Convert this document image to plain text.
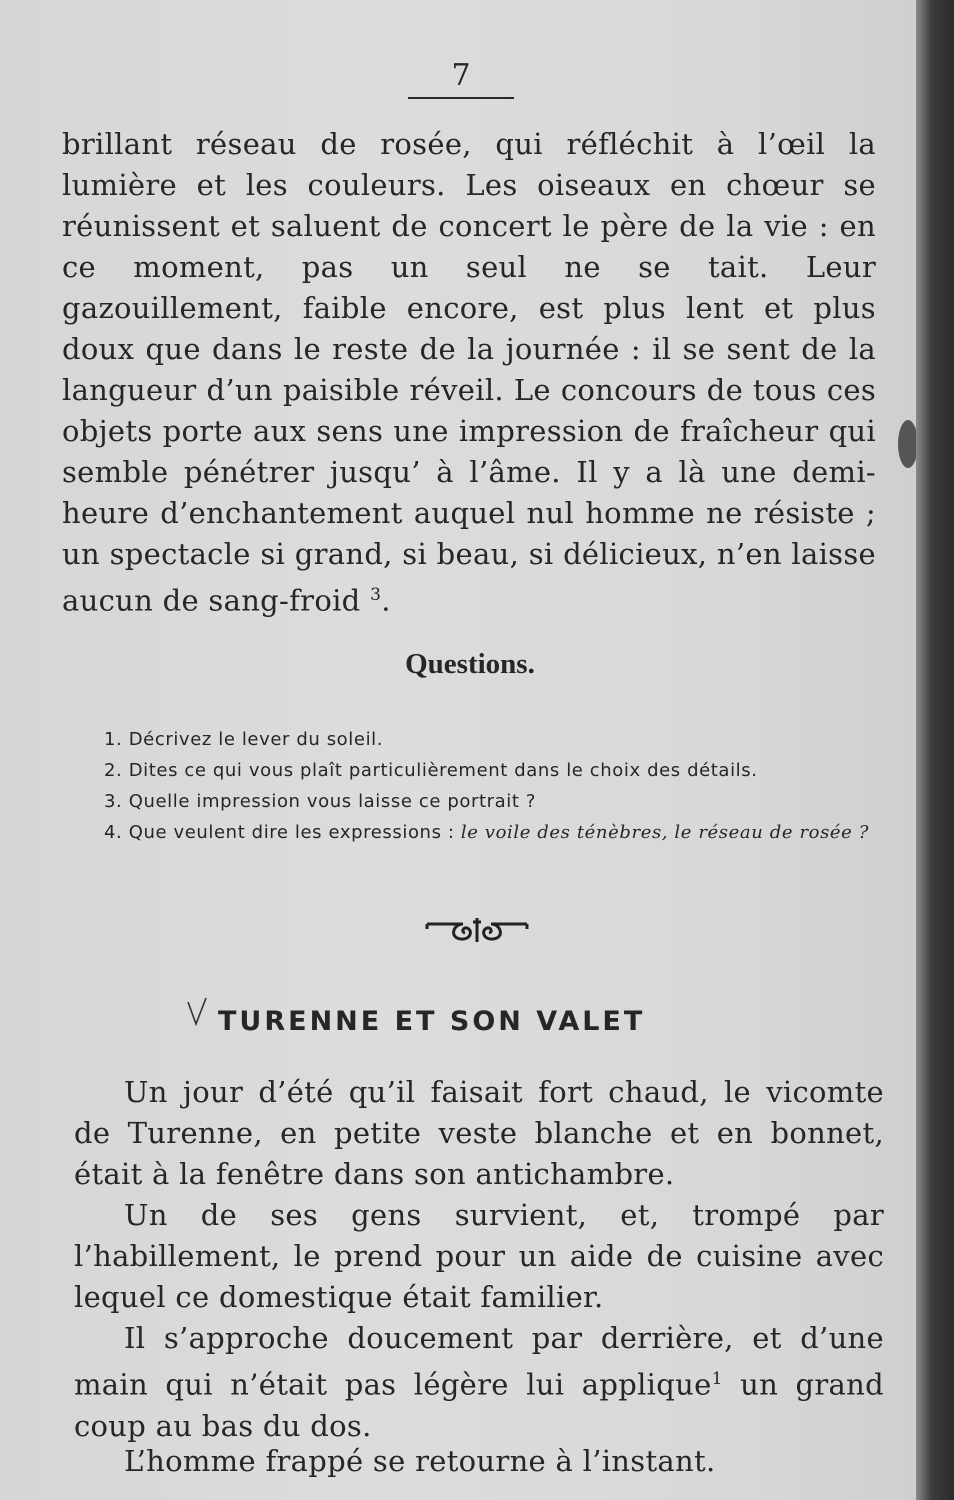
7

brillant réseau de rosée, qui réfléchit à l’œil la lumière et les couleurs. Les oiseaux en chœur se réunissent et saluent de concert le père de la vie : en ce moment, pas un seul ne se tait. Leur gazouillement, faible encore, est plus lent et plus doux que dans le reste de la journée : il se sent de la langueur d’un paisible réveil. Le concours de tous ces objets porte aux sens une impression de fraîcheur qui semble pénétrer jusqu’ à l’âme. Il y a là une demi-heure d’enchantement auquel nul homme ne résiste ; un spectacle si grand, si beau, si délicieux, n’en laisse aucun de sang-froid $^3$.

Questions.
1. Décrivez le lever du soleil.
2. Dites ce qui vous plaît particulièrement dans le choix des détails.
3. Quelle impression vous laisse ce portrait ?
4. Que veulent dire les expressions : le voile des ténèbres, le réseau de rosée ?
TURENNE ET SON VALET

Un jour d’été qu’il faisait fort chaud, le vicomte de Turenne, en petite veste blanche et en bonnet, était à la fenêtre dans son antichambre.

Un de ses gens survient, et, trompé par l’habillement, le prend pour un aide de cuisine avec lequel ce domestique était familier.

Il s’approche doucement par derrière, et d’une main qui n’était pas légère lui applique$^1$ un grand coup au bas du dos.

L’homme frappé se retourne à l’instant.
